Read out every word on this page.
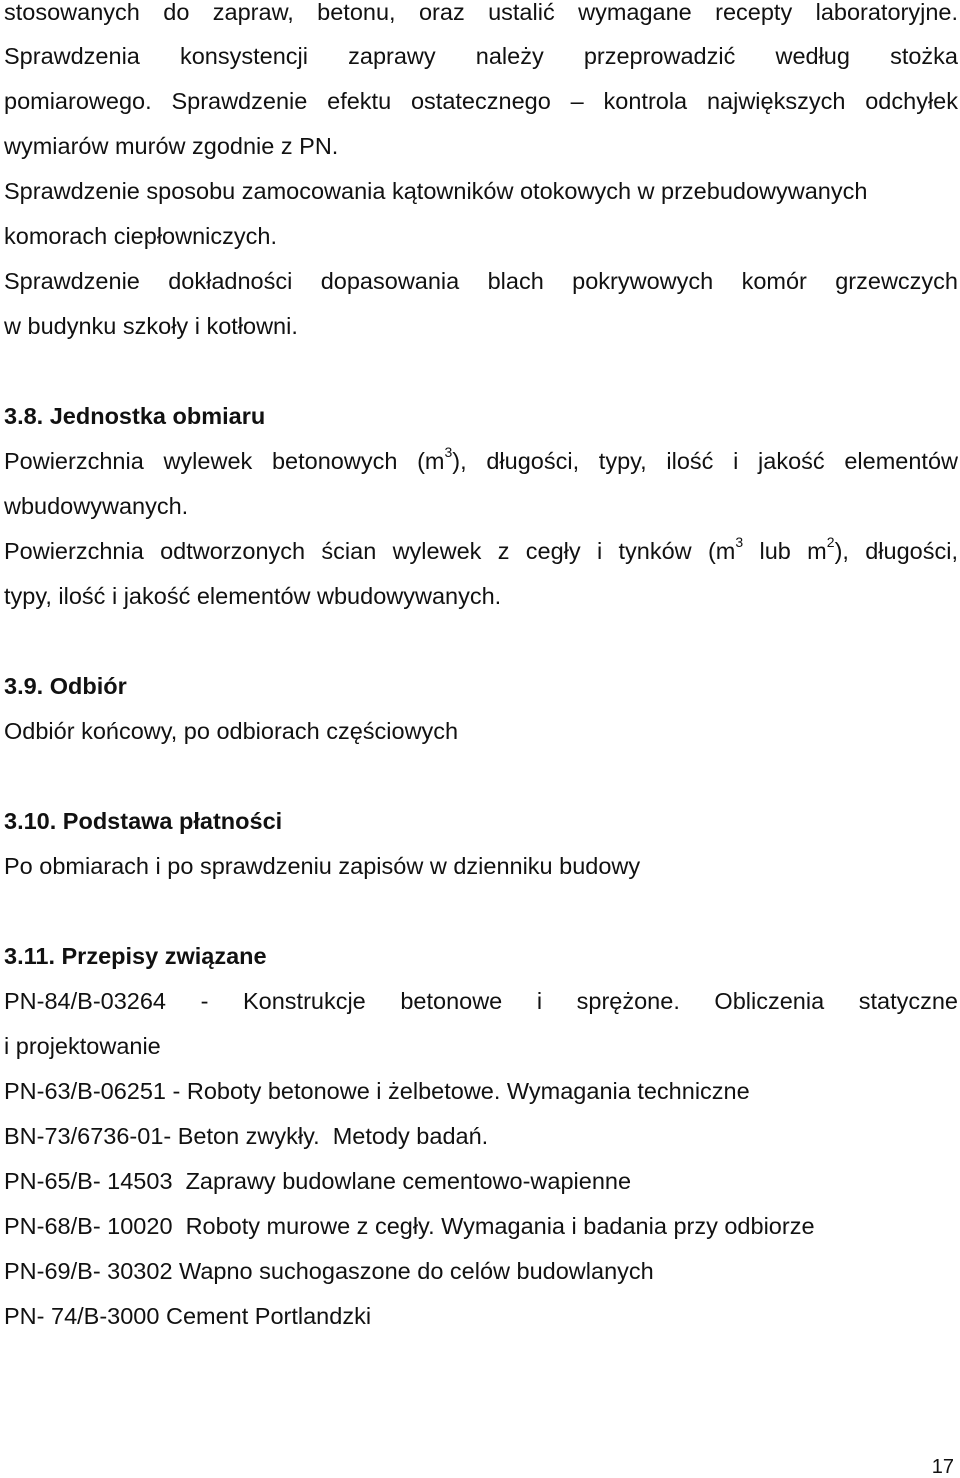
stosowanych do zapraw, betonu, oraz ustalić wymagane recepty laboratoryjne.
Sprawdzenia konsystencji zaprawy należy przeprowadzić według stożka
pomiarowego. Sprawdzenie efektu ostatecznego – kontrola największych odchyłek
wymiarów murów zgodnie z PN.
Sprawdzenie sposobu zamocowania kątowników otokowych w przebudowywanych
komorach ciepłowniczych.
Sprawdzenie dokładności dopasowania blach pokrywowych komór grzewczych
w budynku szkoły i kotłowni.
3.8. Jednostka obmiaru
Powierzchnia wylewek betonowych $(m^3)$, długości, typy, ilość i jakość elementów
wbudowywanych.
Powierzchnia odtworzonych ścian wylewek z cegły i tynków ($m^3$ lub $m^2$), długości,
typy, ilość i jakość elementów wbudowywanych.
3.9. Odbiór
Odbiór końcowy, po odbiorach częściowych
3.10. Podstawa płatności
Po obmiarach i po sprawdzeniu zapisów w dzienniku budowy
3.11. Przepisy związane
PN-84/B-03264 - Konstrukcje betonowe i sprężone. Obliczenia statyczne
i projektowanie
PN-63/B-06251 - Roboty betonowe i żelbetowe. Wymagania techniczne
BN-73/6736-01- Beton zwykły.  Metody badań.
PN-65/B- 14503  Zaprawy budowlane cementowo-wapienne
PN-68/B- 10020  Roboty murowe z cegły. Wymagania i badania przy odbiorze
PN-69/B- 30302 Wapno suchogaszone do celów budowlanych
PN- 74/B-3000 Cement Portlandzki
17
